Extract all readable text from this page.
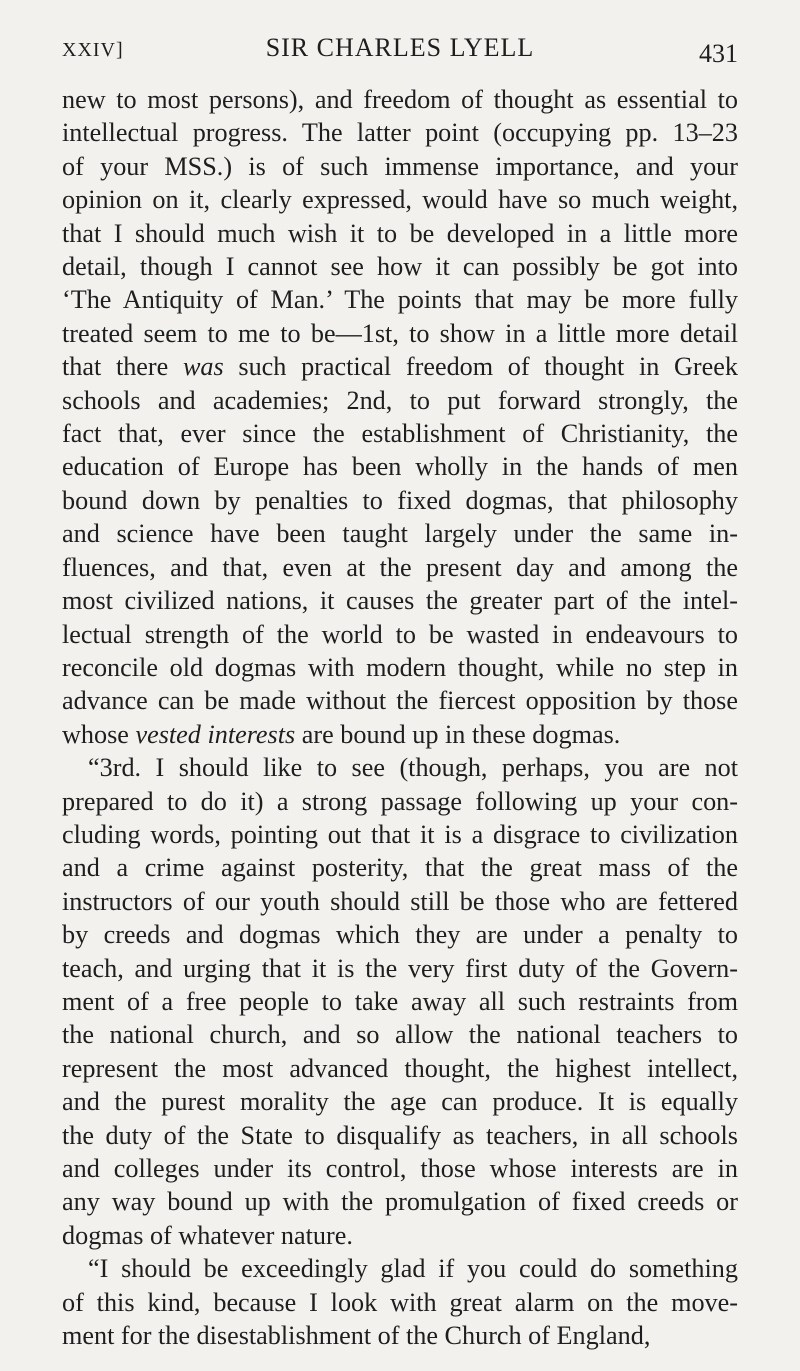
XXIV]	SIR CHARLES LYELL	431
new to most persons), and freedom of thought as essential to
intellectual progress. The latter point (occupying pp. 13–23
of your MSS.) is of such immense importance, and your
opinion on it, clearly expressed, would have so much weight,
that I should much wish it to be developed in a little more
detail, though I cannot see how it can possibly be got into
‘The Antiquity of Man.’ The points that may be more fully
treated seem to me to be—1st, to show in a little more detail
that there was such practical freedom of thought in Greek
schools and academies; 2nd, to put forward strongly, the
fact that, ever since the establishment of Christianity, the
education of Europe has been wholly in the hands of men
bound down by penalties to fixed dogmas, that philosophy
and science have been taught largely under the same in-
fluences, and that, even at the present day and among the
most civilized nations, it causes the greater part of the intel-
lectual strength of the world to be wasted in endeavours to
reconcile old dogmas with modern thought, while no step in
advance can be made without the fiercest opposition by those
whose vested interests are bound up in these dogmas.
“3rd. I should like to see (though, perhaps, you are not
prepared to do it) a strong passage following up your con-
cluding words, pointing out that it is a disgrace to civilization
and a crime against posterity, that the great mass of the
instructors of our youth should still be those who are fettered
by creeds and dogmas which they are under a penalty to
teach, and urging that it is the very first duty of the Govern-
ment of a free people to take away all such restraints from
the national church, and so allow the national teachers to
represent the most advanced thought, the highest intellect,
and the purest morality the age can produce. It is equally
the duty of the State to disqualify as teachers, in all schools
and colleges under its control, those whose interests are in
any way bound up with the promulgation of fixed creeds or
dogmas of whatever nature.
“I should be exceedingly glad if you could do something
of this kind, because I look with great alarm on the move-
ment for the disestablishment of the Church of England,
